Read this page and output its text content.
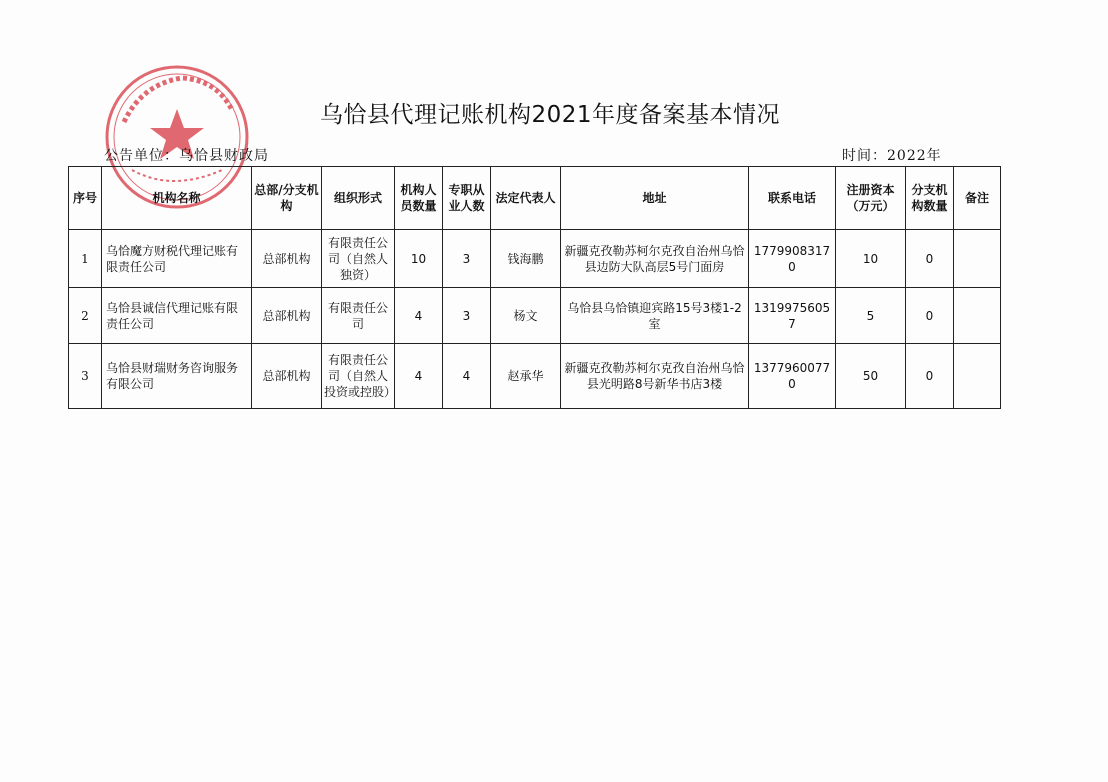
乌恰县代理记账机构2021年度备案基本情况
公告单位：乌恰县财政局	时间：2022年
序号	机构名称	总部/分支机构	组织形式	机构人员数量	专职从业人数	法定代表人	地址	联系电话	注册资本（万元）	分支机构数量	备注
1	乌恰魔方财税代理记账有限责任公司	总部机构	有限责任公司（自然人独资）	10	3	钱海鹏	新疆克孜勒苏柯尔克孜自治州乌恰县边防大队高层5号门面房	17799083170	10	0	
2	乌恰县诚信代理记账有限责任公司	总部机构	有限责任公司	4	3	杨文	乌恰县乌恰镇迎宾路15号3楼1-2室	13199756057	5	0	
3	乌恰县财瑞财务咨询服务有限公司	总部机构	有限责任公司（自然人投资或控股）	4	4	赵承华	新疆克孜勒苏柯尔克孜自治州乌恰县光明路8号新华书店3楼	13779600770	50	0	
